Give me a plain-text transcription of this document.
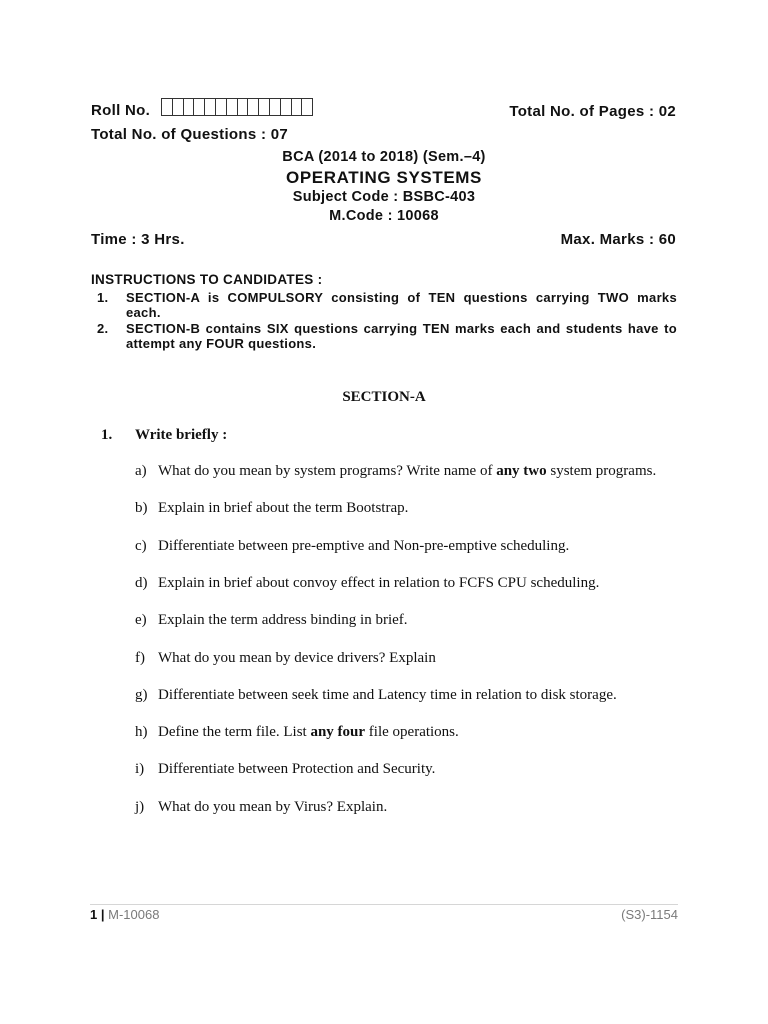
Roll No.	Total No. of Pages : 02
Total No. of Questions : 07
BCA (2014 to 2018) (Sem.–4)
OPERATING SYSTEMS
Subject Code : BSBC-403
M.Code : 10068
Time : 3 Hrs.	Max. Marks : 60
INSTRUCTIONS TO CANDIDATES :
1.	SECTION-A is COMPULSORY consisting of TEN questions carrying TWO marks each.
2.	SECTION-B contains SIX questions carrying TEN marks each and students have to attempt any FOUR questions.
SECTION-A
1. Write briefly :
a) What do you mean by system programs? Write name of any two system programs.
b) Explain in brief about the term Bootstrap.
c) Differentiate between pre-emptive and Non-pre-emptive scheduling.
d) Explain in brief about convoy effect in relation to FCFS CPU scheduling.
e) Explain the term address binding in brief.
f) What do you mean by device drivers? Explain
g) Differentiate between seek time and Latency time in relation to disk storage.
h) Define the term file. List any four file operations.
i) Differentiate between Protection and Security.
j) What do you mean by Virus? Explain.
1 | M-10068	(S3)-1154
